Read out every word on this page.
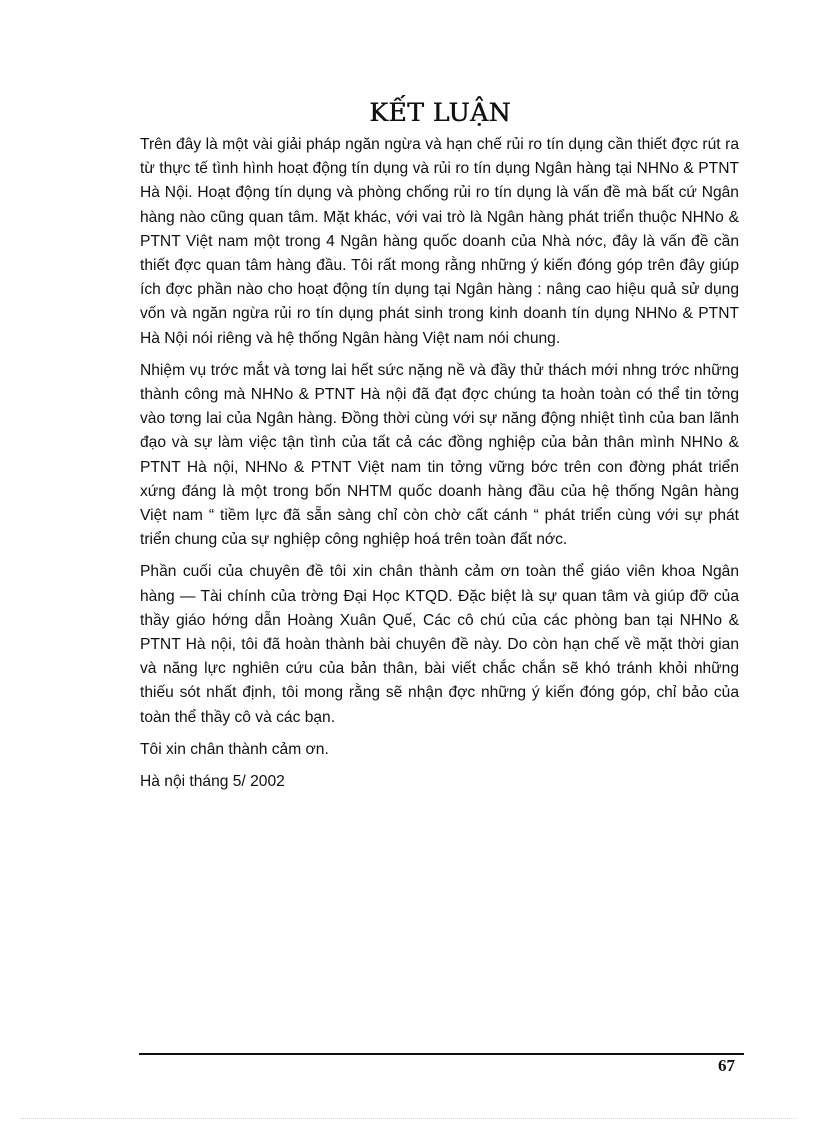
KẾT LUẬN

Trên đây là một vài giải pháp ngăn ngừa và hạn chế rủi ro tín dụng cần thiết đợc rút ra từ thực tế tình hình hoạt động tín dụng và rủi ro tín dụng Ngân hàng tại NHNo & PTNT Hà Nội. Hoạt động tín dụng và phòng chống rủi ro tín dụng là vấn đề mà bất cứ Ngân hàng nào cũng quan tâm. Mặt khác, với vai trò là Ngân hàng phát triển thuộc NHNo & PTNT Việt nam một trong 4 Ngân hàng quốc doanh của Nhà nớc, đây là vấn đề cần thiết đợc quan tâm hàng đầu. Tôi rất mong rằng những ý kiến đóng góp trên đây giúp ích đợc phần nào cho hoạt động tín dụng tại Ngân hàng : nâng cao hiệu quả sử dụng vốn và ngăn ngừa rủi ro tín dụng phát sinh trong kinh doanh tín dụng NHNo & PTNT Hà Nội nói riêng và hệ thống Ngân hàng Việt nam nói chung.

Nhiệm vụ trớc mắt và tơng lai hết sức nặng nề và đầy thử thách mới nhng trớc những thành công mà NHNo & PTNT Hà nội đã đạt đợc chúng ta hoàn toàn có thể tin tởng vào tơng lai của Ngân hàng. Đồng thời cùng với sự năng động nhiệt tình của ban lãnh đạo và sự làm việc tận tình của tất cả các đồng nghiệp của bản thân mình NHNo & PTNT Hà nội, NHNo & PTNT Việt nam tin tởng vững bớc trên con đờng phát triển xứng đáng là một trong bốn NHTM quốc doanh hàng đầu của hệ thống Ngân hàng Việt nam “ tiềm lực đã sẵn sàng chỉ còn chờ cất cánh “ phát triển cùng với sự phát triển chung của sự nghiệp công nghiệp hoá trên toàn đất nớc.

Phần cuối của chuyên đề tôi xin chân thành cảm ơn toàn thể giáo viên khoa Ngân hàng — Tài chính của trờng Đại Học KTQD. Đặc biệt là sự quan tâm và giúp đỡ của thầy giáo hớng dẫn Hoàng Xuân Quế, Các cô chú của các phòng ban tại NHNo & PTNT Hà nội, tôi đã hoàn thành bài chuyên đề này. Do còn hạn chế về mặt thời gian và năng lực nghiên cứu của bản thân, bài viết chắc chắn sẽ khó tránh khỏi những thiếu sót nhất định, tôi mong rằng sẽ nhận đợc những ý kiến đóng góp, chỉ bảo của toàn thể thầy cô và các bạn.

Tôi xin chân thành cảm ơn.

Hà nội tháng 5/ 2002

67
